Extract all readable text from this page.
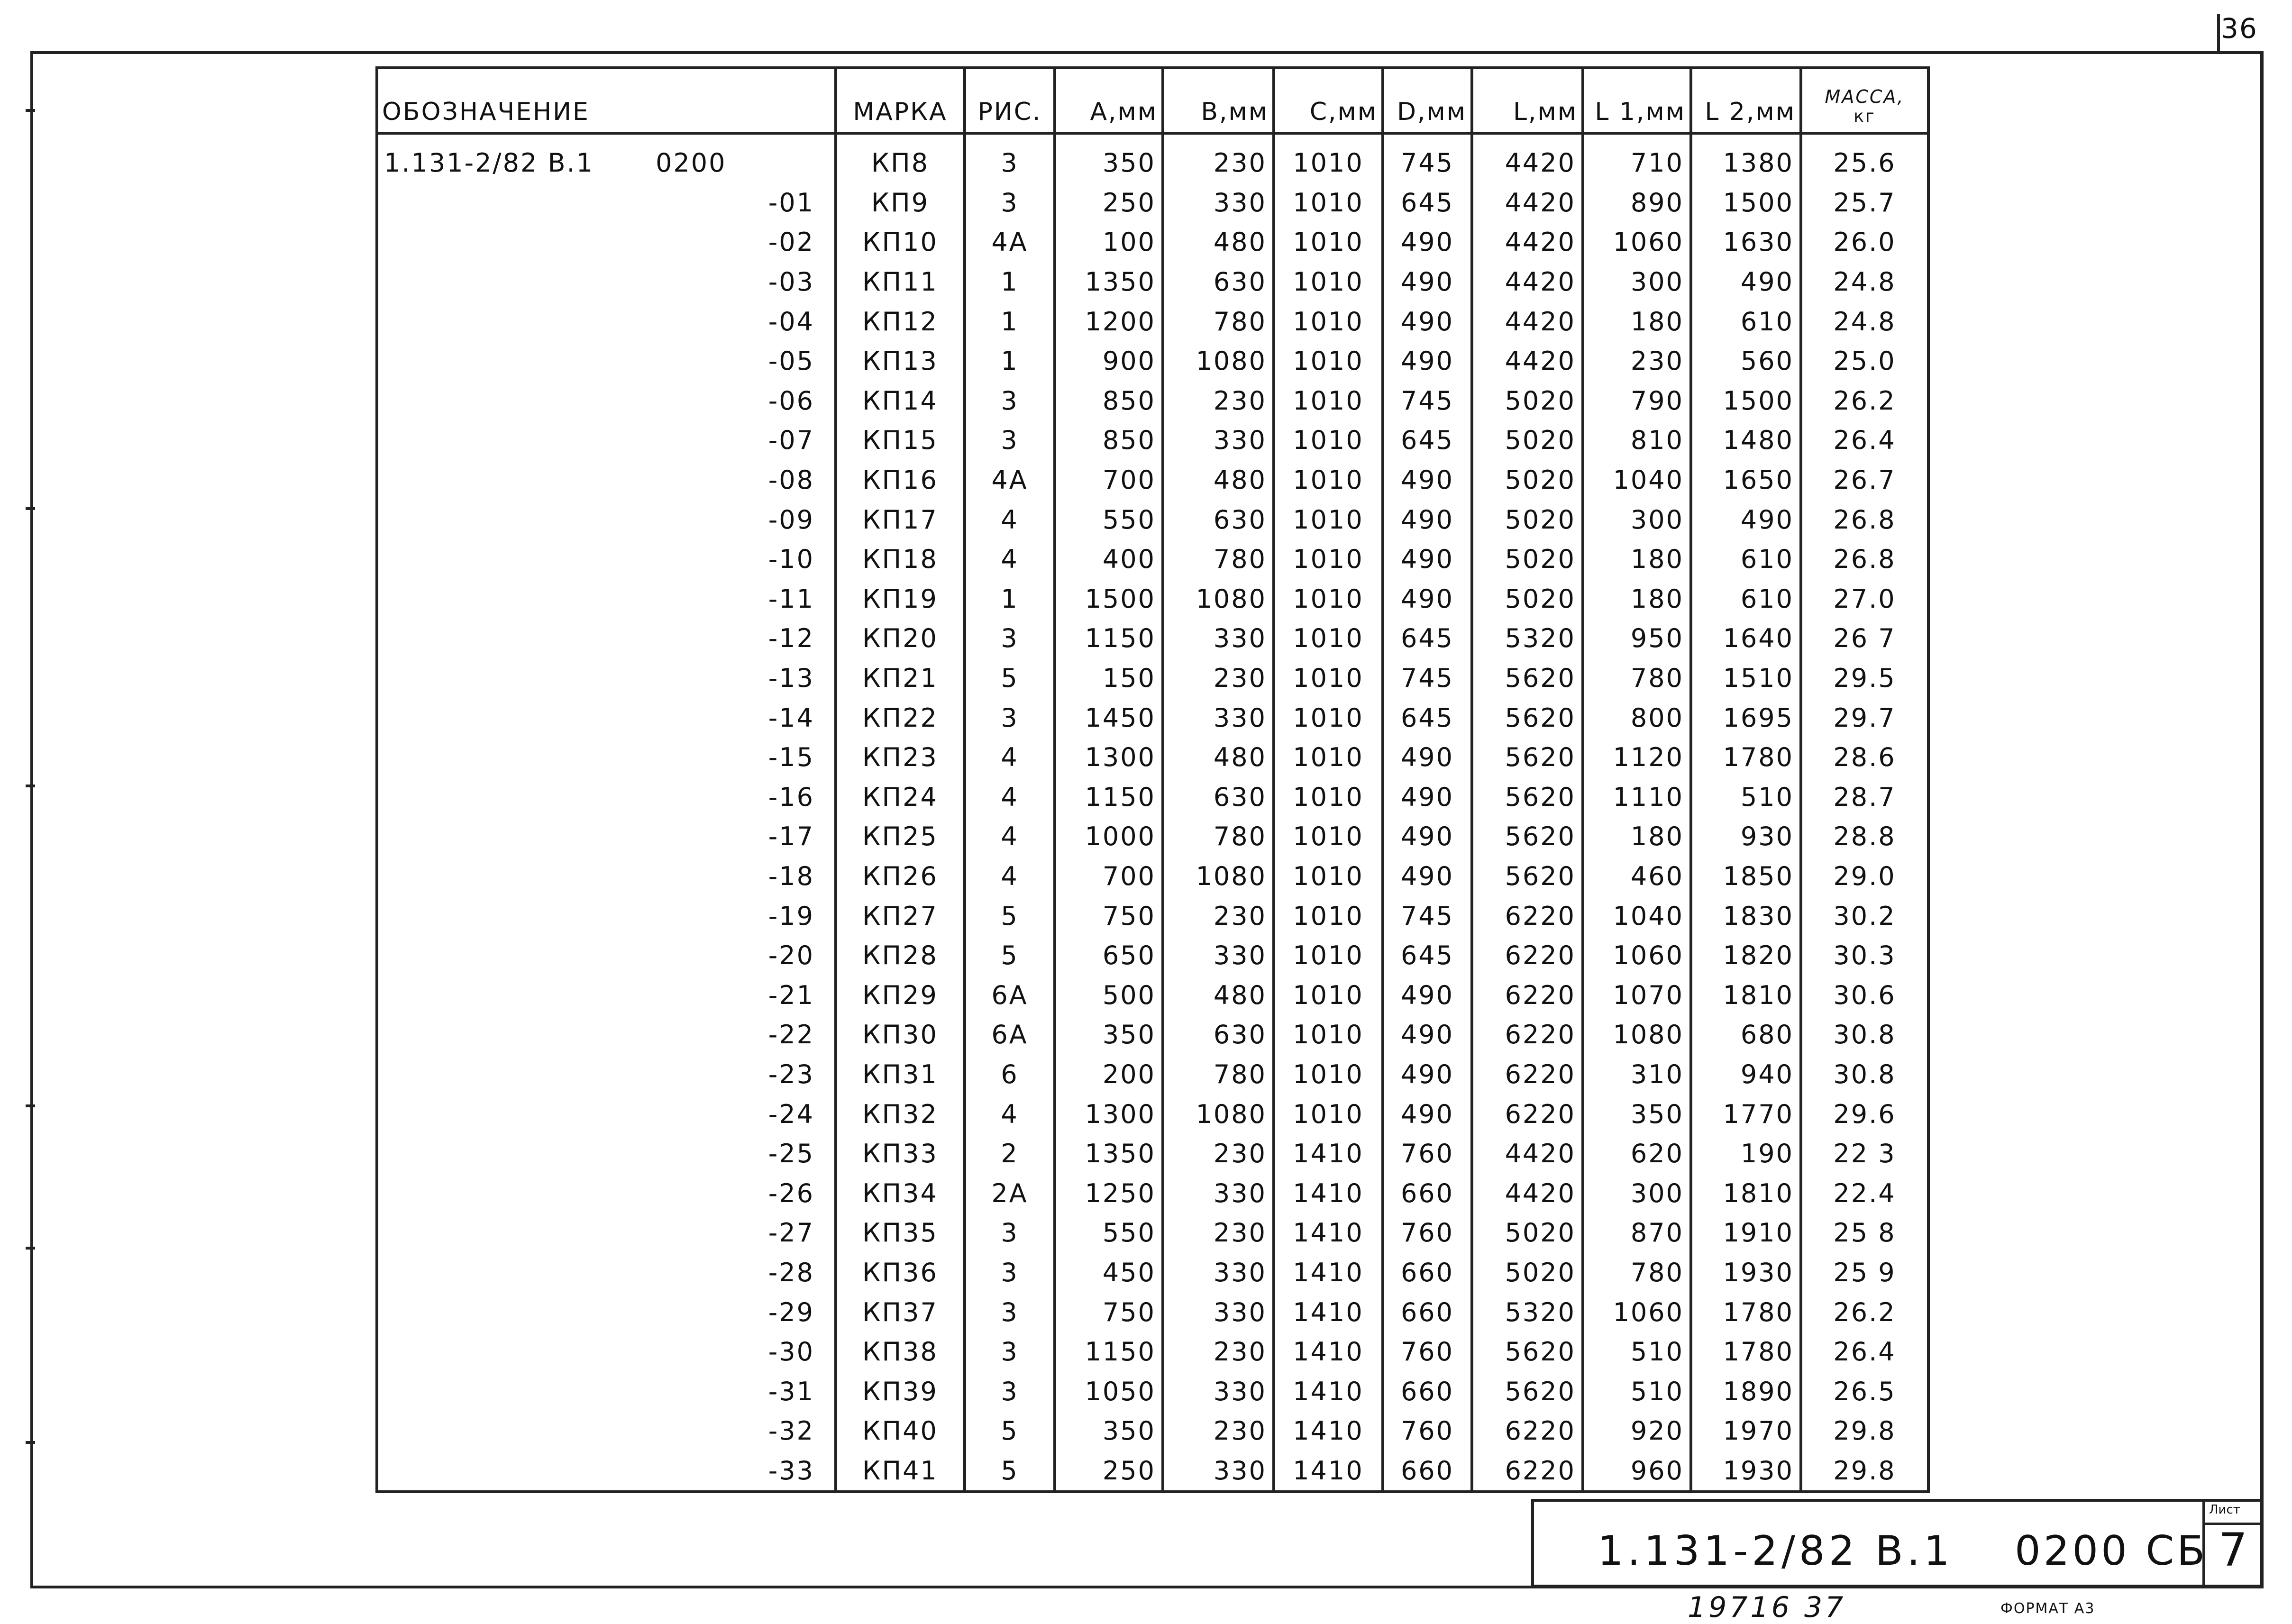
36
ОБОЗНАЧЕНИЕ	МАРКА	РИС.	A,мм	B,мм	C,мм	D,мм	L,мм	L 1,мм	L 2,мм	МАССА,
кг

1.131-2/82 В.1 0200	КП8	3	350	230	1010	745	4420	710	1380	25.6

-01	КП9	3	250	330	1010	645	4420	890	1500	25.7

-02	КП10	4А	100	480	1010	490	4420	1060	1630	26.0

-03	КП11	1	1350	630	1010	490	4420	300	490	24.8

-04	КП12	1	1200	780	1010	490	4420	180	610	24.8

-05	КП13	1	900	1080	1010	490	4420	230	560	25.0

-06	КП14	3	850	230	1010	745	5020	790	1500	26.2

-07	КП15	3	850	330	1010	645	5020	810	1480	26.4

-08	КП16	4А	700	480	1010	490	5020	1040	1650	26.7

-09	КП17	4	550	630	1010	490	5020	300	490	26.8

-10	КП18	4	400	780	1010	490	5020	180	610	26.8

-11	КП19	1	1500	1080	1010	490	5020	180	610	27.0

-12	КП20	3	1150	330	1010	645	5320	950	1640	26 7

-13	КП21	5	150	230	1010	745	5620	780	1510	29.5

-14	КП22	3	1450	330	1010	645	5620	800	1695	29.7

-15	КП23	4	1300	480	1010	490	5620	1120	1780	28.6

-16	КП24	4	1150	630	1010	490	5620	1110	510	28.7

-17	КП25	4	1000	780	1010	490	5620	180	930	28.8

-18	КП26	4	700	1080	1010	490	5620	460	1850	29.0

-19	КП27	5	750	230	1010	745	6220	1040	1830	30.2

-20	КП28	5	650	330	1010	645	6220	1060	1820	30.3

-21	КП29	6А	500	480	1010	490	6220	1070	1810	30.6

-22	КП30	6А	350	630	1010	490	6220	1080	680	30.8

-23	КП31	6	200	780	1010	490	6220	310	940	30.8

-24	КП32	4	1300	1080	1010	490	6220	350	1770	29.6

-25	КП33	2	1350	230	1410	760	4420	620	190	22 3

-26	КП34	2А	1250	330	1410	660	4420	300	1810	22.4

-27	КП35	3	550	230	1410	760	5020	870	1910	25 8

-28	КП36	3	450	330	1410	660	5020	780	1930	25 9

-29	КП37	3	750	330	1410	660	5320	1060	1780	26.2

-30	КП38	3	1150	230	1410	760	5620	510	1780	26.4

-31	КП39	3	1050	330	1410	660	5620	510	1890	26.5

-32	КП40	5	350	230	1410	760	6220	920	1970	29.8

-33	КП41	5	250	330	1410	660	6220	960	1930	29.8
1.131-2/82 В.1 0200 СБ
Лист
7
19716 37	ФОРМАТ А3
